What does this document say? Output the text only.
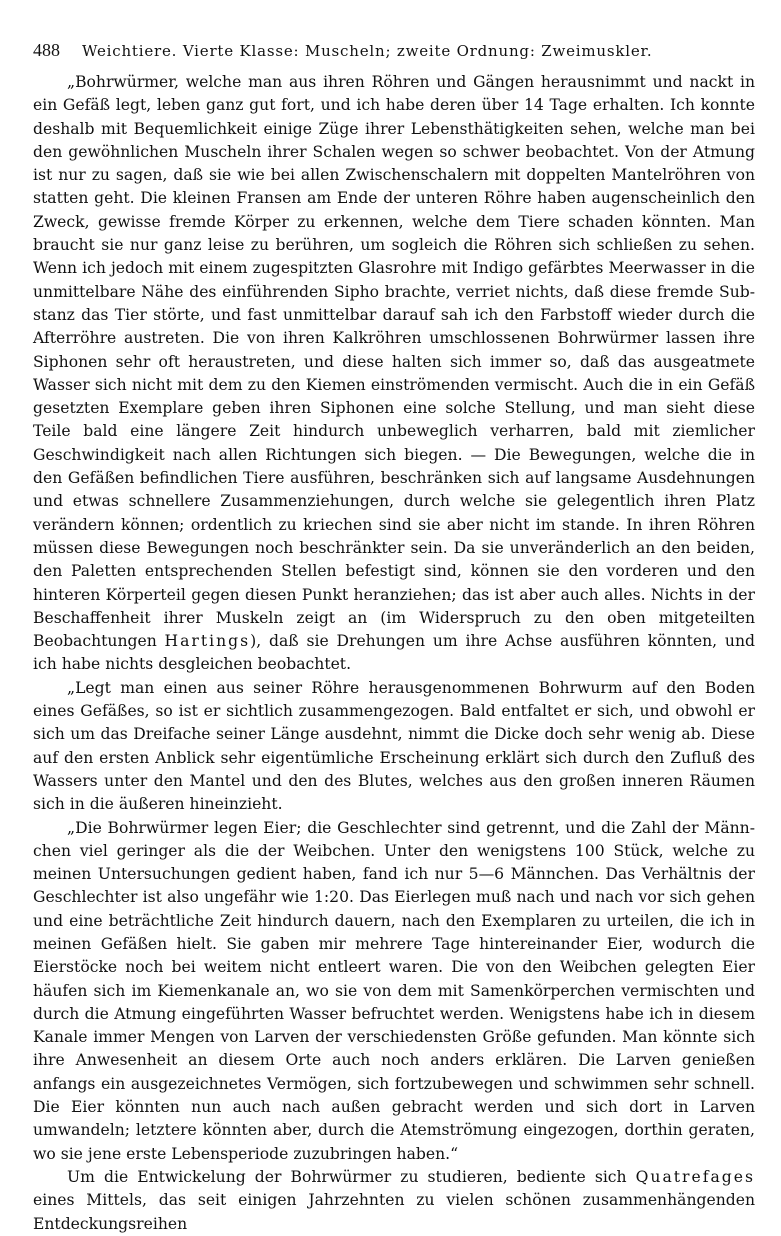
488 Weichtiere. Vierte Klasse: Muscheln; zweite Ordnung: Zweimuskler.

„Bohrwürmer, welche man aus ihren Röhren und Gängen herausnimmt und nackt in ein Gefäß legt, leben ganz gut fort, und ich habe deren über 14 Tage erhalten. Ich konnte deshalb mit Bequemlichkeit einige Züge ihrer Lebensthätigkeiten sehen, welche man bei den gewöhnlichen Muscheln ihrer Schalen wegen so schwer beobachtet. Von der Atmung ist nur zu sagen, daß sie wie bei allen Zwischenschalern mit doppelten Mantelröhren von statten geht. Die kleinen Fransen am Ende der unteren Röhre haben augenscheinlich den Zweck, gewisse fremde Körper zu erkennen, welche dem Tiere schaden könnten. Man braucht sie nur ganz leise zu berühren, um sogleich die Röhren sich schließen zu sehen. Wenn ich jedoch mit einem zugespitzten Glasrohre mit Indigo gefärbtes Meerwasser in die unmittelbare Nähe des einführenden Sipho brachte, verriet nichts, daß diese fremde Substanz das Tier störte, und fast unmittelbar darauf sah ich den Farbstoff wieder durch die Afterröhre austreten. Die von ihren Kalkröhren umschlossenen Bohrwürmer lassen ihre Siphonen sehr oft heraustreten, und diese halten sich immer so, daß das ausgeatmete Wasser sich nicht mit dem zu den Kiemen einströmenden vermischt. Auch die in ein Gefäß gesetzten Exemplare geben ihren Siphonen eine solche Stellung, und man sieht diese Teile bald eine längere Zeit hindurch unbeweglich verharren, bald mit ziemlicher Geschwindigkeit nach allen Richtungen sich biegen. — Die Bewegungen, welche die in den Gefäßen befindlichen Tiere ausführen, beschränken sich auf langsame Ausdehnungen und etwas schnellere Zusammenziehungen, durch welche sie gelegentlich ihren Platz verändern können; ordentlich zu kriechen sind sie aber nicht im stande. In ihren Röhren müssen diese Bewegungen noch beschränkter sein. Da sie unveränderlich an den beiden, den Paletten entsprechenden Stellen befestigt sind, können sie den vorderen und den hinteren Körperteil gegen diesen Punkt heranziehen; das ist aber auch alles. Nichts in der Beschaffenheit ihrer Muskeln zeigt an (im Widerspruch zu den oben mitgeteilten Beobachtungen Hartings), daß sie Drehungen um ihre Achse ausführen könnten, und ich habe nichts desgleichen beobachtet.

„Legt man einen aus seiner Röhre herausgenommenen Bohrwurm auf den Boden eines Gefäßes, so ist er sichtlich zusammengezogen. Bald entfaltet er sich, und obwohl er sich um das Dreifache seiner Länge ausdehnt, nimmt die Dicke doch sehr wenig ab. Diese auf den ersten Anblick sehr eigentümliche Erscheinung erklärt sich durch den Zufluß des Wassers unter den Mantel und den des Blutes, welches aus den großen inneren Räumen sich in die äußeren hineinzieht.

„Die Bohrwürmer legen Eier; die Geschlechter sind getrennt, und die Zahl der Männchen viel geringer als die der Weibchen. Unter den wenigstens 100 Stück, welche zu meinen Untersuchungen gedient haben, fand ich nur 5—6 Männchen. Das Verhältnis der Geschlechter ist also ungefähr wie 1:20. Das Eierlegen muß nach und nach vor sich gehen und eine beträchtliche Zeit hindurch dauern, nach den Exemplaren zu urteilen, die ich in meinen Gefäßen hielt. Sie gaben mir mehrere Tage hintereinander Eier, wodurch die Eierstöcke noch bei weitem nicht entleert waren. Die von den Weibchen gelegten Eier häufen sich im Kiemenkanale an, wo sie von dem mit Samenkörperchen vermischten und durch die Atmung eingeführten Wasser befruchtet werden. Wenigstens habe ich in diesem Kanale immer Mengen von Larven der verschiedensten Größe gefunden. Man könnte sich ihre Anwesenheit an diesem Orte auch noch anders erklären. Die Larven genießen anfangs ein ausgezeichnetes Vermögen, sich fortzubewegen und schwimmen sehr schnell. Die Eier könnten nun auch nach außen gebracht werden und sich dort in Larven umwandeln; letztere könnten aber, durch die Atemströmung eingezogen, dorthin geraten, wo sie jene erste Lebensperiode zuzubringen haben.“

Um die Entwickelung der Bohrwürmer zu studieren, bediente sich Quatrefages eines Mittels, das seit einigen Jahrzehnten zu vielen schönen zusammenhängenden Entdeckungsreihen
